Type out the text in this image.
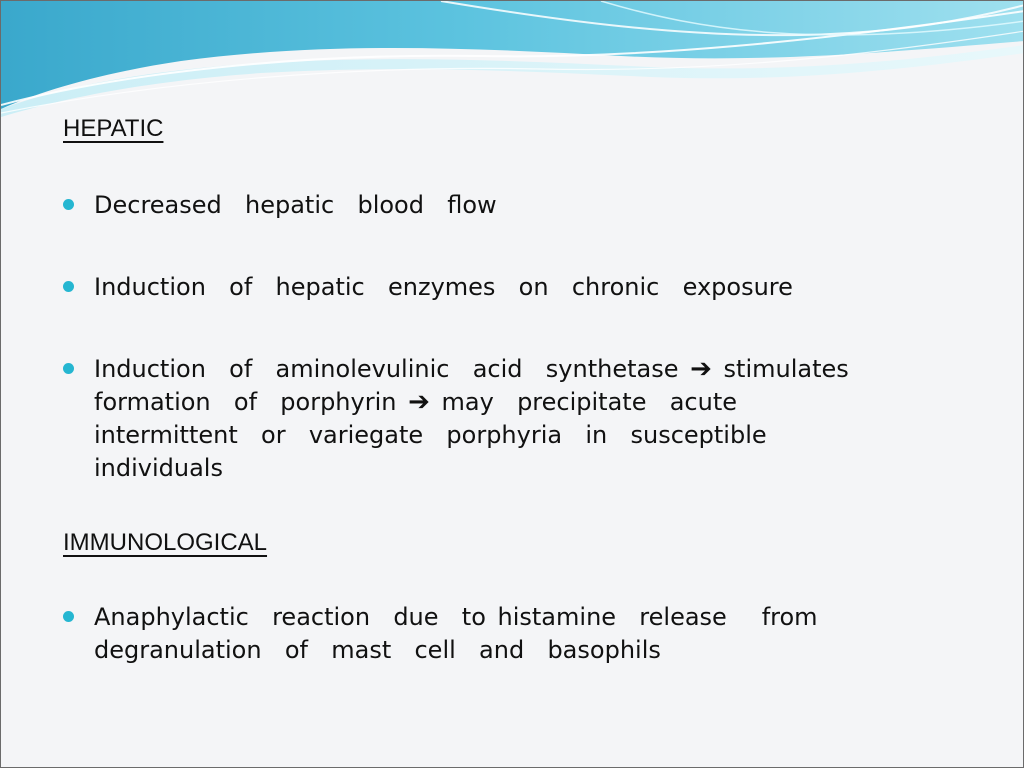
HEPATIC
Decreased  hepatic  blood  flow
Induction  of  hepatic  enzymes  on  chronic  exposure
Induction  of  aminolevulinic  acid  synthetase ➔ stimulates
formation  of  porphyrin ➔ may  precipitate  acute
intermittent  or  variegate  porphyria  in  susceptible
individuals
IMMUNOLOGICAL
Anaphylactic  reaction  due  to histamine  release   from
degranulation  of  mast  cell  and  basophils
